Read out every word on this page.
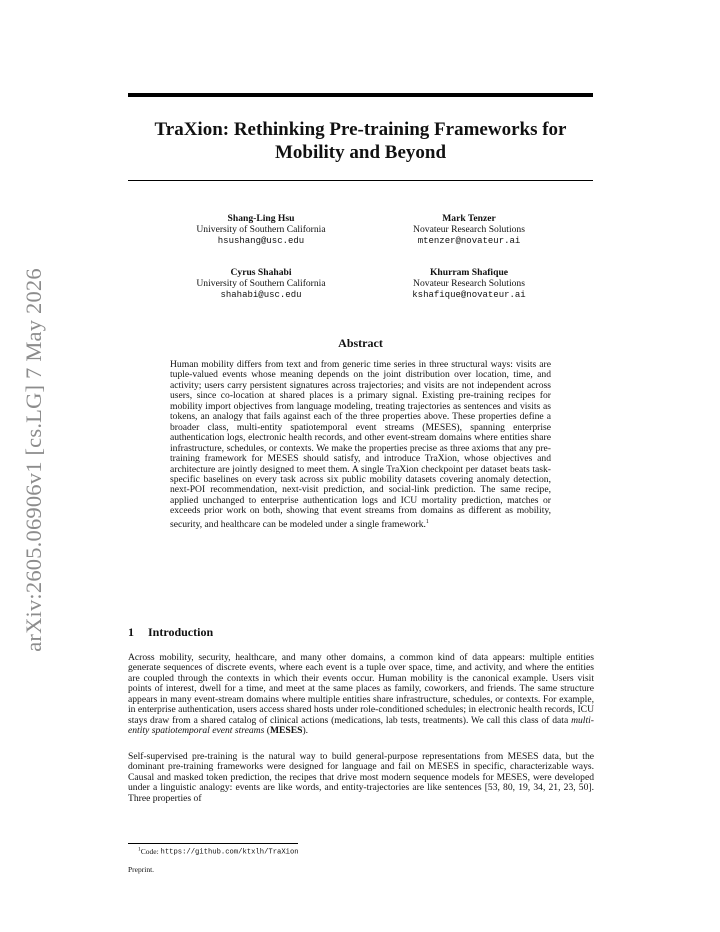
arXiv:2605.06906v1 [cs.LG] 7 May 2026
TraXion: Rethinking Pre-training Frameworks for
Mobility and Beyond
Shang-Ling Hsu
University of Southern California
hsushang@usc.edu
Mark Tenzer
Novateur Research Solutions
mtenzer@novateur.ai
Cyrus Shahabi
University of Southern California
shahabi@usc.edu
Khurram Shafique
Novateur Research Solutions
kshafique@novateur.ai
Abstract
Human mobility differs from text and from generic time series in three structural ways: visits are tuple-valued events whose meaning depends on the joint distribution over location, time, and activity; users carry persistent signatures across trajectories; and visits are not independent across users, since co-location at shared places is a primary signal. Existing pre-training recipes for mobility import objectives from language modeling, treating trajectories as sentences and visits as tokens, an analogy that fails against each of the three properties above. These properties define a broader class, multi-entity spatiotemporal event streams (MESES), spanning enterprise authentication logs, electronic health records, and other event-stream domains where entities share infrastructure, schedules, or contexts. We make the properties precise as three axioms that any pre-training framework for MESES should satisfy, and introduce TraXion, whose objectives and architecture are jointly designed to meet them. A single TraXion checkpoint per dataset beats task-specific baselines on every task across six public mobility datasets covering anomaly detection, next-POI recommendation, next-visit prediction, and social-link prediction. The same recipe, applied unchanged to enterprise authentication logs and ICU mortality prediction, matches or exceeds prior work on both, showing that event streams from domains as different as mobility, security, and healthcare can be modeled under a single framework.$^1$
1 Introduction
Across mobility, security, healthcare, and many other domains, a common kind of data appears: multiple entities generate sequences of discrete events, where each event is a tuple over space, time, and activity, and where the entities are coupled through the contexts in which their events occur. Human mobility is the canonical example. Users visit points of interest, dwell for a time, and meet at the same places as family, coworkers, and friends. The same structure appears in many event-stream domains where multiple entities share infrastructure, schedules, or contexts. For example, in enterprise authentication, users access shared hosts under role-conditioned schedules; in electronic health records, ICU stays draw from a shared catalog of clinical actions (medications, lab tests, treatments). We call this class of data multi-entity spatiotemporal event streams (MESES).
Self-supervised pre-training is the natural way to build general-purpose representations from MESES data, but the dominant pre-training frameworks were designed for language and fail on MESES in specific, characterizable ways. Causal and masked token prediction, the recipes that drive most modern sequence models for MESES, were developed under a linguistic analogy: events are like words, and entity-trajectories are like sentences [53, 80, 19, 34, 21, 23, 50]. Three properties of
$^1$Code: https://github.com/ktxlh/TraXion
Preprint.
